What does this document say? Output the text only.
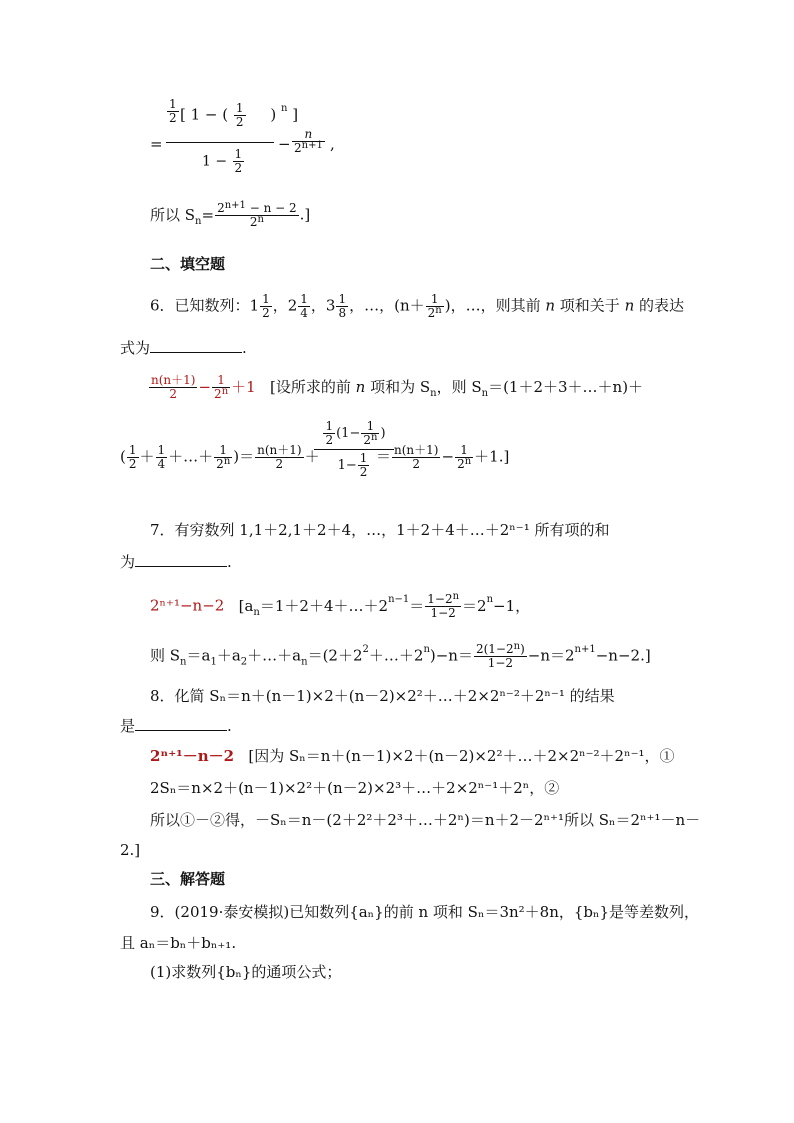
=
$\frac{1}{2}$ [ 1 − ( $\frac{1}{2}$ ) $^n$ ]
$1 - \frac{1}{2}$
− $\frac{n}{2^{n+1}}$ ,
所以 $S_n= \frac{2^{n+1} - n - 2}{2^n}$ .]
二、填空题
6．已知数列：$1 \frac{1}{2}$ ，$2 \frac{1}{4}$ ，$3 \frac{1}{8}$ ，…，($n+ \frac{1}{2^n}$ )，…，则其前 n 项和关于 n 的表达
式为	.
$\frac{n(n+1)}{2} - \frac{1}{2^n} +1$ [设所求的前 n 项和为 $S_n$，则 $S_n=(1+2+3+\dots+n)+$
( $\frac{1}{2} + \frac{1}{4}$ ＋…＋ $\frac{1}{2^n}$ )＝ $\frac{n(n+1)}{2}$ ＋
$\frac{1}{2} (1- \frac{1}{2^n}$ )
$1- \frac{1}{2} = \frac{n(n+1)}{2} - \frac{1}{2^n} +1$.]
7．有穷数列 1,1＋2,1＋2＋4，…，1＋2＋4＋…＋2ⁿ⁻¹ 所有项的和
为	.
2ⁿ⁺¹−n−2 [$a_n=1+2+4+\dots+2^{n-1}= \frac{1-2^n}{1-2} =2^n-1$，
则 $S_n=a_1+a_2+\dots+a_n=(2+2^2+\dots+2^n)-n= \frac{2(1-2^n)}{1-2} -n=2^{n+1}-n-2$.]
8．化简 Sₙ＝n＋(n－1)×2＋(n－2)×2²＋…＋2×2ⁿ⁻²＋2ⁿ⁻¹ 的结果
是	.
2ⁿ⁺¹－n－2 [因为 Sₙ＝n＋(n－1)×2＋(n－2)×2²＋…＋2×2ⁿ⁻²＋2ⁿ⁻¹，①
2Sₙ＝n×2＋(n－1)×2²＋(n－2)×2³＋…＋2×2ⁿ⁻¹＋2ⁿ，②
所以①－②得，－Sₙ＝n－(2＋2²＋2³＋…＋2ⁿ)＝n＋2－2ⁿ⁺¹所以 Sₙ＝2ⁿ⁺¹－n－
2.]
三、解答题
9．(2019·泰安模拟)已知数列{aₙ}的前 n 项和 Sₙ＝3n²＋8n，{bₙ}是等差数列，
且 aₙ＝bₙ＋bₙ₊₁.
(1)求数列{bₙ}的通项公式；
